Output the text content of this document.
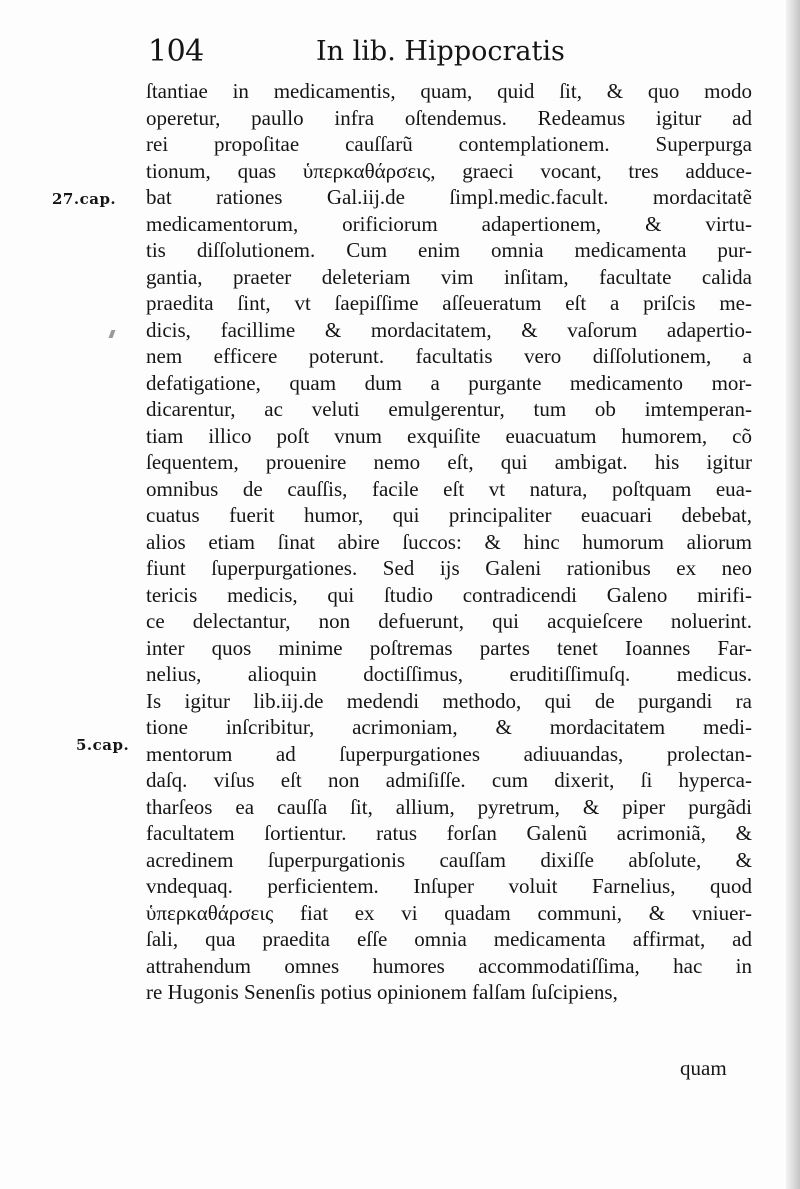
104	In lib. Hippocratis
27.cap.
5.cap.
ſtantiae in medicamentis, quam, quid ſit, & quo modo
operetur, paullo infra oſtendemus. Redeamus igitur ad
rei propoſitae cauſſarũ contemplationem. Superpurga
tionum, quas ὑπερκαθάρσεις, graeci vocant, tres adduce-
bat rationes Gal.iij.de ſimpl.medic.facult. mordacitatẽ
medicamentorum, orificiorum adapertionem, & virtu-
tis diſſolutionem. Cum enim omnia medicamenta pur-
gantia, praeter deleteriam vim inſitam, facultate calida
praedita ſint, vt ſaepiſſime aſſeueratum eſt a priſcis me-
dicis, facillime & mordacitatem, & vaſorum adapertio-
nem efficere poterunt. facultatis vero diſſolutionem, a
defatigatione, quam dum a purgante medicamento mor-
dicarentur, ac veluti emulgerentur, tum ob imtemperan-
tiam illico poſt vnum exquiſite euacuatum humorem, cõ
ſequentem, prouenire nemo eſt, qui ambigat. his igitur
omnibus de cauſſis, facile eſt vt natura, poſtquam eua-
cuatus fuerit humor, qui principaliter euacuari debebat,
alios etiam ſinat abire ſuccos: & hinc humorum aliorum
fiunt ſuperpurgationes. Sed ijs Galeni rationibus ex neo
tericis medicis, qui ſtudio contradicendi Galeno mirifi-
ce delectantur, non defuerunt, qui acquieſcere noluerint.
inter quos minime poſtremas partes tenet Ioannes Far-
nelius, alioquin doctiſſimus, eruditiſſimuſq. medicus.
Is igitur lib.iij.de medendi methodo, qui de purgandi ra
tione inſcribitur, acrimoniam, & mordacitatem medi-
mentorum ad ſuperpurgationes adiuuandas, prolectan-
daſq. viſus eſt non admiſiſſe. cum dixerit, ſi hyperca-
tharſeos ea cauſſa ſit, allium, pyretrum, & piper purgãdi
facultatem ſortientur. ratus forſan Galenũ acrimoniã, &
acredinem ſuperpurgationis cauſſam dixiſſe abſolute, &
vndequaq. perficientem. Inſuper voluit Farnelius, quod
ὑπερκαθάρσεις fiat ex vi quadam communi, & vniuer-
ſali, qua praedita eſſe omnia medicamenta affirmat, ad
attrahendum omnes humores accommodatiſſima, hac in
re Hugonis Senenſis potius opinionem falſam ſuſcipiens,
quam
